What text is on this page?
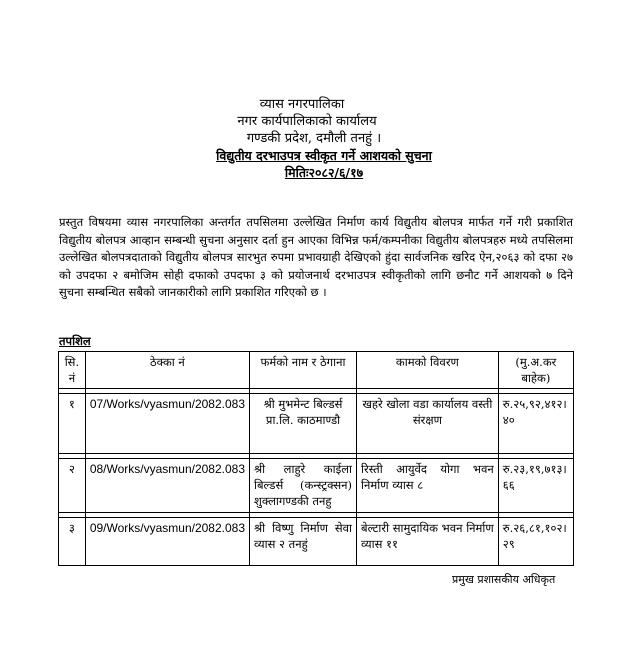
व्यास नगरपालिका
नगर कार्यपालिकाको कार्यालय
गण्डकी प्रदेश, दमौली तनहुं ।
विद्युतीय दरभाउपत्र स्वीकृत गर्ने आशयको सुचना
मितिः२०८२/६/१७
प्रस्तुत विषयमा व्यास नगरपालिका अन्तर्गत तपसिलमा उल्लेखित निर्माण कार्य विद्युतीय बोलपत्र मार्फत गर्ने गरी प्रकाशित विद्युतीय बोलपत्र आव्हान सम्बन्धी सुचना अनुसार दर्ता हुन आएका विभिन्न फर्म/कम्पनीका विद्युतीय बोलपत्रहरु मध्ये तपसिलमा उल्लेखित बोलपत्रदाताको विद्युतीय बोलपत्र सारभुत रुपमा प्रभावग्राही देखिएको हुंदा सार्वजनिक खरिद ऐन,२०६३ को दफा २७ को उपदफा २ बमोजिम सोही दफाको उपदफा ३ को प्रयोजनार्थ दरभाउपत्र स्वीकृतीको लागि छनौट गर्ने आशयको ७ दिने सुचना सम्बन्धित सबैको जानकारीको लागि प्रकाशित गरिएको छ ।
तपशिल
सि. नं	ठेक्का नं	फर्मको नाम र ठेगाना	कामको विवरण	(मु.अ.कर बाहेक)

१	07/Works/vyasmun/2082.083	श्री मुभमेन्ट बिल्डर्स प्रा.लि. काठमाण्डौ	खहरे खोला वडा कार्यालय वस्ती संरक्षण	रु.२५,९२,४१२। ४०

२	08/Works/vyasmun/2082.083	श्री लाहुरे काईला बिल्डर्स (कन्स्ट्रक्सन) शुक्लागण्डकी तनहु	रिस्ती आयुर्वेद योगा भवन निर्माण व्यास ८	रु.२३,१९,७१३।६६

३	09/Works/vyasmun/2082.083	श्री विष्णु निर्माण सेवा व्यास २ तनहुं	बेल्टारी सामुदायिक भवन निर्माण व्यास ११	रु.२६,८१,१०२।२९
प्रमुख प्रशासकीय अधिकृत
